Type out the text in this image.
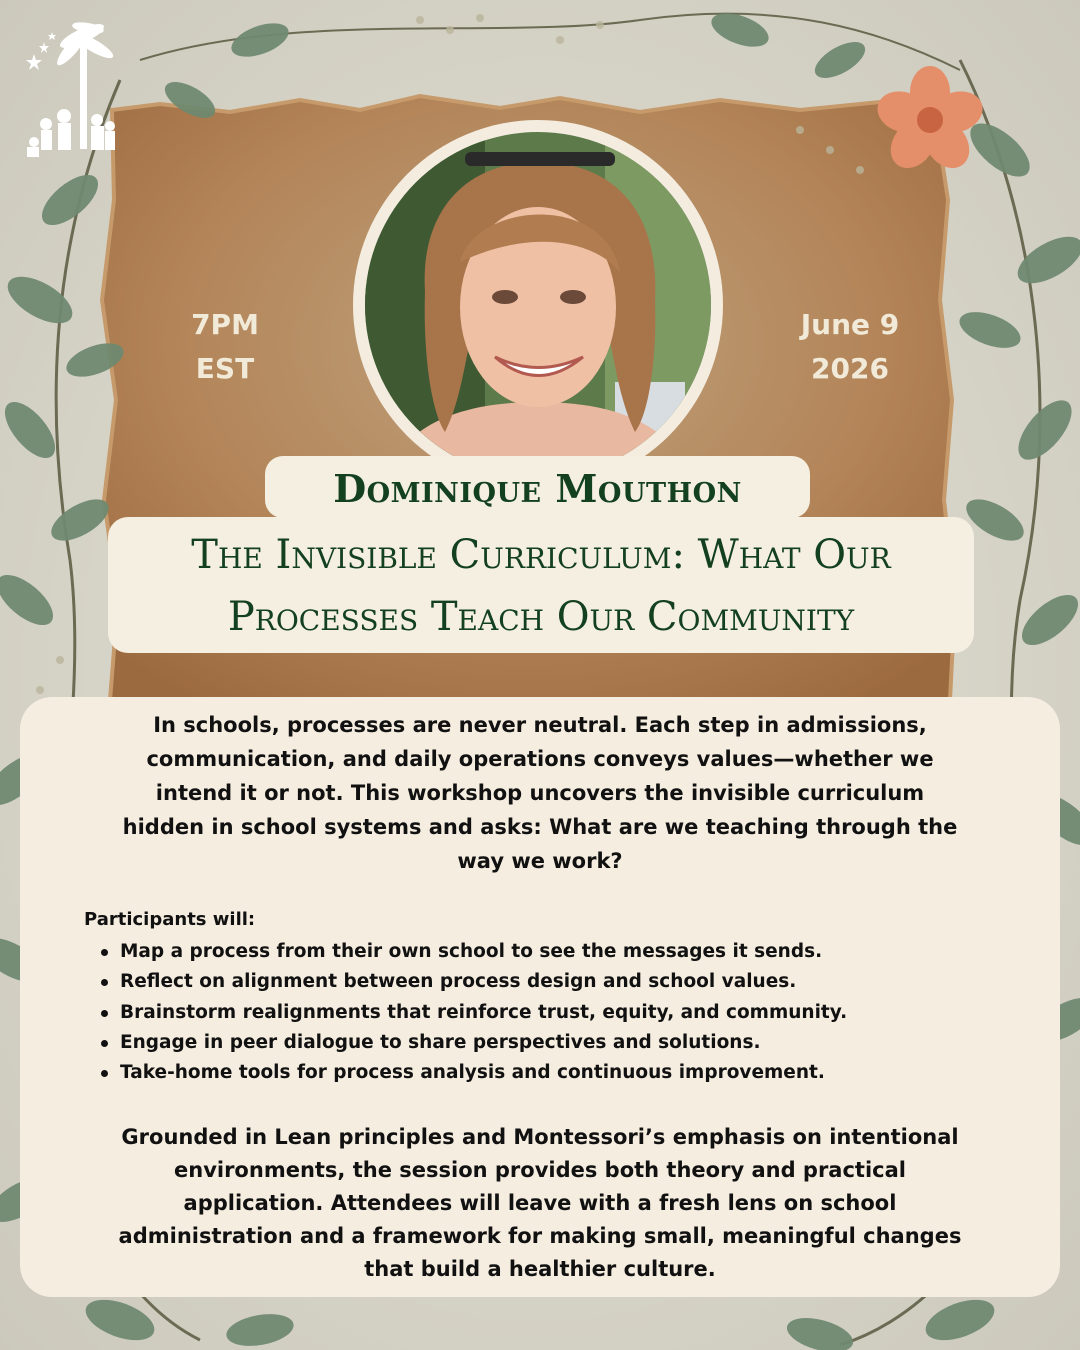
7PM
EST
June 9
2026
Dominique Mouthon
The Invisible Curriculum: What Our
Processes Teach Our Community
In schools, processes are never neutral. Each step in admissions,
communication, and daily operations conveys values—whether we
intend it or not. This workshop uncovers the invisible curriculum
hidden in school systems and asks: What are we teaching through the
way we work?
Participants will:
Map a process from their own school to see the messages it sends.
Reflect on alignment between process design and school values.
Brainstorm realignments that reinforce trust, equity, and community.
Engage in peer dialogue to share perspectives and solutions.
Take-home tools for process analysis and continuous improvement.
Grounded in Lean principles and Montessori’s emphasis on intentional
environments, the session provides both theory and practical
application. Attendees will leave with a fresh lens on school
administration and a framework for making small, meaningful changes
that build a healthier culture.
